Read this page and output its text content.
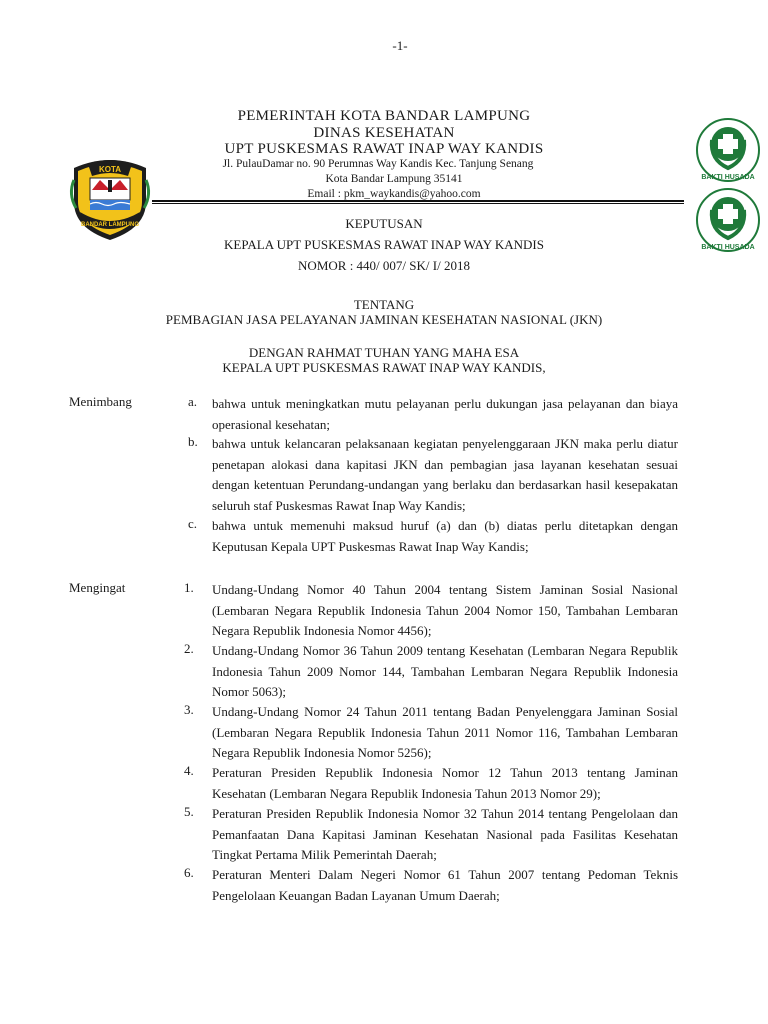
-1-
KOTA
BANDAR LAMPUNG
BAKTI HUSADA
BAKTI HUSADA
PEMERINTAH KOTA BANDAR LAMPUNG
DINAS KESEHATAN
UPT PUSKESMAS RAWAT INAP WAY KANDIS
Jl. PulauDamar no. 90 Perumnas Way Kandis Kec. Tanjung Senang
Kota Bandar Lampung 35141
Email : pkm_waykandis@yahoo.com
KEPUTUSAN
KEPALA UPT PUSKESMAS RAWAT INAP WAY KANDIS
NOMOR : 440/ 007/ SK/ I/ 2018
TENTANG
PEMBAGIAN JASA PELAYANAN JAMINAN KESEHATAN NASIONAL (JKN)
DENGAN RAHMAT TUHAN YANG MAHA ESA
KEPALA UPT PUSKESMAS RAWAT INAP WAY KANDIS,
Menimbang	a.	bahwa untuk meningkatkan mutu pelayanan perlu dukungan jasa pelayanan dan biaya operasional kesehatan;
b.	bahwa untuk kelancaran pelaksanaan kegiatan penyelenggaraan JKN maka perlu diatur penetapan alokasi dana kapitasi JKN dan pembagian jasa layanan kesehatan sesuai dengan ketentuan Perundang-undangan yang berlaku dan berdasarkan hasil kesepakatan seluruh staf Puskesmas Rawat Inap Way Kandis;
c.	bahwa untuk memenuhi maksud huruf (a) dan (b) diatas perlu ditetapkan dengan Keputusan Kepala UPT Puskesmas Rawat Inap Way Kandis;
Mengingat	1.	Undang-Undang Nomor 40 Tahun 2004 tentang Sistem Jaminan Sosial Nasional (Lembaran Negara Republik Indonesia Tahun 2004 Nomor 150, Tambahan Lembaran Negara Republik Indonesia Nomor 4456);
2.	Undang-Undang Nomor 36 Tahun 2009 tentang Kesehatan (Lembaran Negara Republik Indonesia Tahun 2009 Nomor 144, Tambahan Lembaran Negara Republik Indonesia Nomor 5063);
3.	Undang-Undang Nomor 24 Tahun 2011 tentang Badan Penyelenggara Jaminan Sosial (Lembaran Negara Republik Indonesia Tahun 2011 Nomor 116, Tambahan Lembaran Negara Republik Indonesia Nomor 5256);
4.	Peraturan Presiden Republik Indonesia Nomor 12 Tahun 2013 tentang Jaminan Kesehatan (Lembaran Negara Republik Indonesia Tahun 2013 Nomor 29);
5.	Peraturan Presiden Republik Indonesia Nomor 32 Tahun 2014 tentang Pengelolaan dan Pemanfaatan Dana Kapitasi Jaminan Kesehatan Nasional pada Fasilitas Kesehatan Tingkat Pertama Milik Pemerintah Daerah;
6.	Peraturan Menteri Dalam Negeri Nomor 61 Tahun 2007 tentang Pedoman Teknis Pengelolaan Keuangan Badan Layanan Umum Daerah;
